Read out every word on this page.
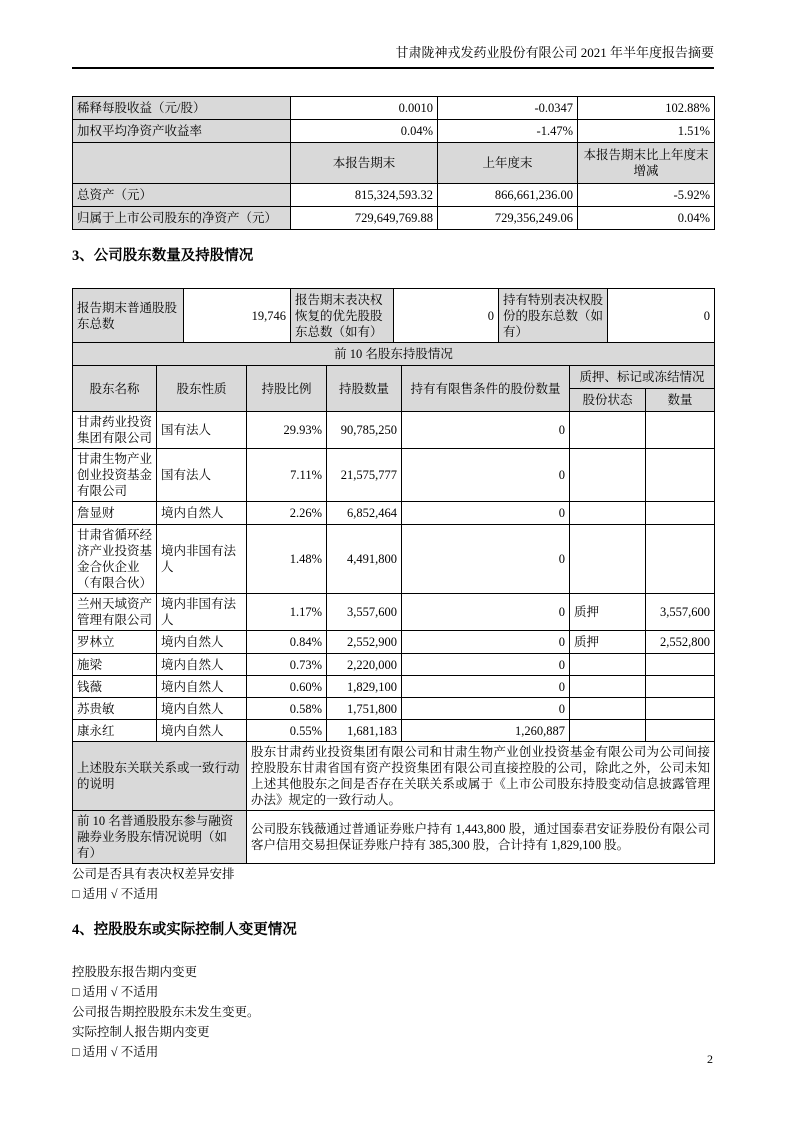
甘肃陇神戎发药业股份有限公司 2021 年半年度报告摘要
稀释每股收益（元/股）	0.0010	-0.0347	102.88%
加权平均净资产收益率	0.04%	-1.47%	1.51%
	本报告期末	上年度末	本报告期末比上年度末增减
总资产（元）	815,324,593.32	866,661,236.00	-5.92%
归属于上市公司股东的净资产（元）	729,649,769.88	729,356,249.06	0.04%
3、公司股东数量及持股情况
报告期末普通股股东总数	19,746	报告期末表决权恢复的优先股股东总数（如有）	0	持有特别表决权股份的股东总数（如有）	0
前 10 名股东持股情况						
股东名称	股东性质	持股比例	持股数量	持有有限售条件的股份数量	质押、标记或冻结情况	
					股份状态	数量
甘肃药业投资集团有限公司	国有法人	29.93%	90,785,250	0		
甘肃生物产业创业投资基金有限公司	国有法人	7.11%	21,575,777	0		
詹显财	境内自然人	2.26%	6,852,464	0		
甘肃省循环经济产业投资基金合伙企业（有限合伙）	境内非国有法人	1.48%	4,491,800	0		
兰州天域资产管理有限公司	境内非国有法人	1.17%	3,557,600	0	质押	3,557,600
罗林立	境内自然人	0.84%	2,552,900	0	质押	2,552,800
施梁	境内自然人	0.73%	2,220,000	0		
钱薇	境内自然人	0.60%	1,829,100	0		
苏贵敏	境内自然人	0.58%	1,751,800	0		
康永红	境内自然人	0.55%	1,681,183	1,260,887		
上述股东关联关系或一致行动的说明		股东甘肃药业投资集团有限公司和甘肃生物产业创业投资基金有限公司为公司间接控股股东甘肃省国有资产投资集团有限公司直接控股的公司，除此之外，公司未知上述其他股东之间是否存在关联关系或属于《上市公司股东持股变动信息披露管理办法》规定的一致行动人。				
前 10 名普通股股东参与融资融券业务股东情况说明（如有）		公司股东钱薇通过普通证券账户持有 1,443,800 股，通过国泰君安证券股份有限公司客户信用交易担保证券账户持有 385,300 股，合计持有 1,829,100 股。				

公司是否具有表决权差异安排

□ 适用 √ 不适用

4、控股股东或实际控制人变更情况

控股股东报告期内变更

□ 适用 √ 不适用

公司报告期控股股东未发生变更。

实际控制人报告期内变更

□ 适用 √ 不适用	2
